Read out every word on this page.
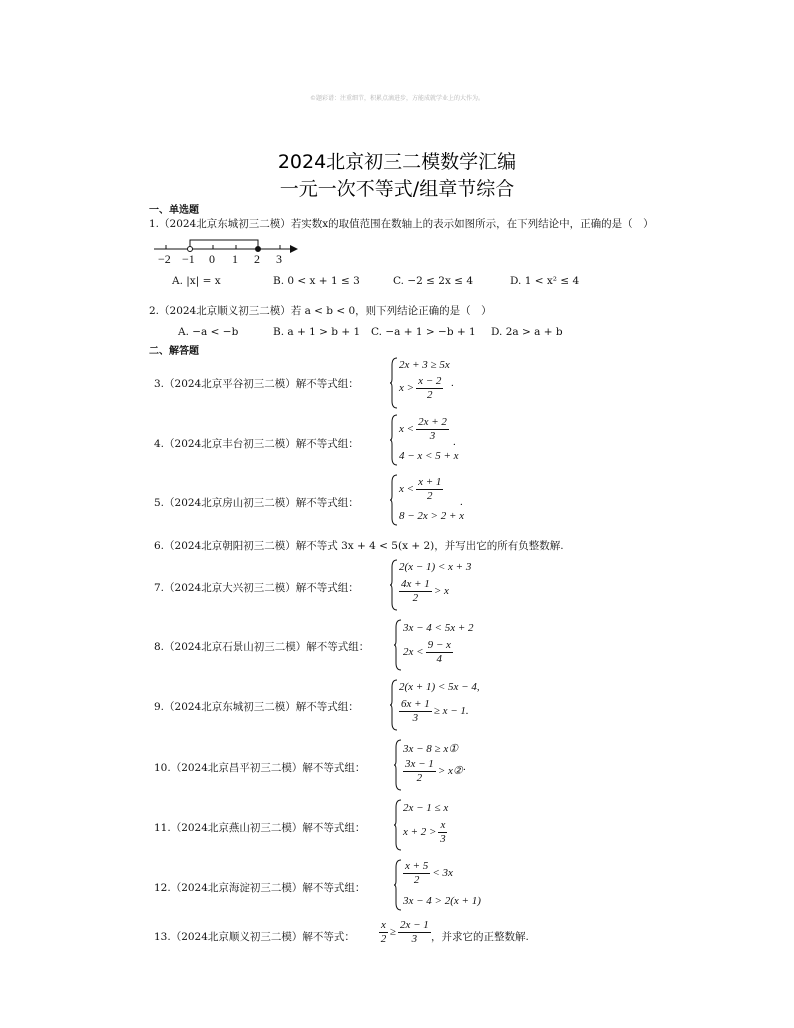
©题彩谱：注重细节，积累点滴进步，方能成就学业上的大作为。
2024北京初三二模数学汇编
一元一次不等式/组章节综合
一、单选题
1.（2024北京东城初三二模）若实数x的取值范围在数轴上的表示如图所示，在下列结论中，正确的是（　）
−2 −1 0 1 2 3
A. |x| = x	B. 0 < x + 1 ≤ 3	C. −2 ≤ 2x ≤ 4	D. 1 < x² ≤ 4
2.（2024北京顺义初三二模）若 a < b < 0，则下列结论正确的是（　）
A. −a < −b	B. a + 1 > b + 1 C. −a + 1 > −b + 1 D. 2a > a + b
二、解答题
3.（2024北京平谷初三二模）解不等式组：
2x + 3 ≥ 5x
$x > \frac{x - 2}{2}$ .
4.（2024北京丰台初三二模）解不等式组：
$x < \frac{2x + 2}{3}$
4 − x < 5 + x
.
5.（2024北京房山初三二模）解不等式组：
$x < \frac{x + 1}{2}$
8 − 2x > 2 + x
.
6.（2024北京朝阳初三二模）解不等式 3x + 4 < 5(x + 2)，并写出它的所有负整数解.
7.（2024北京大兴初三二模）解不等式组：
2(x − 1) < x + 3
$\frac{4x + 1}{2} > x$
8.（2024北京石景山初三二模）解不等式组：
3x − 4 < 5x + 2
$2x < \frac{9 - x}{4}$
9.（2024北京东城初三二模）解不等式组：
2(x + 1) < 5x − 4,
$\frac{6x + 1}{3} \ge x - 1$.
10.（2024北京昌平初三二模）解不等式组：
3x − 8 ≥ x①
$\frac{3x - 1}{2}$ > x② .
11.（2024北京燕山初三二模）解不等式组：
2x − 1 ≤ x
$x + 2 > \frac{x}{3}$
12.（2024北京海淀初三二模）解不等式组：
$\frac{x + 5}{2} < 3x$
3x − 4 > 2(x + 1)
13.（2024北京顺义初三二模）解不等式： $\frac{x}{2} \ge \frac{2x - 1}{3}$ ，并求它的正整数解.
